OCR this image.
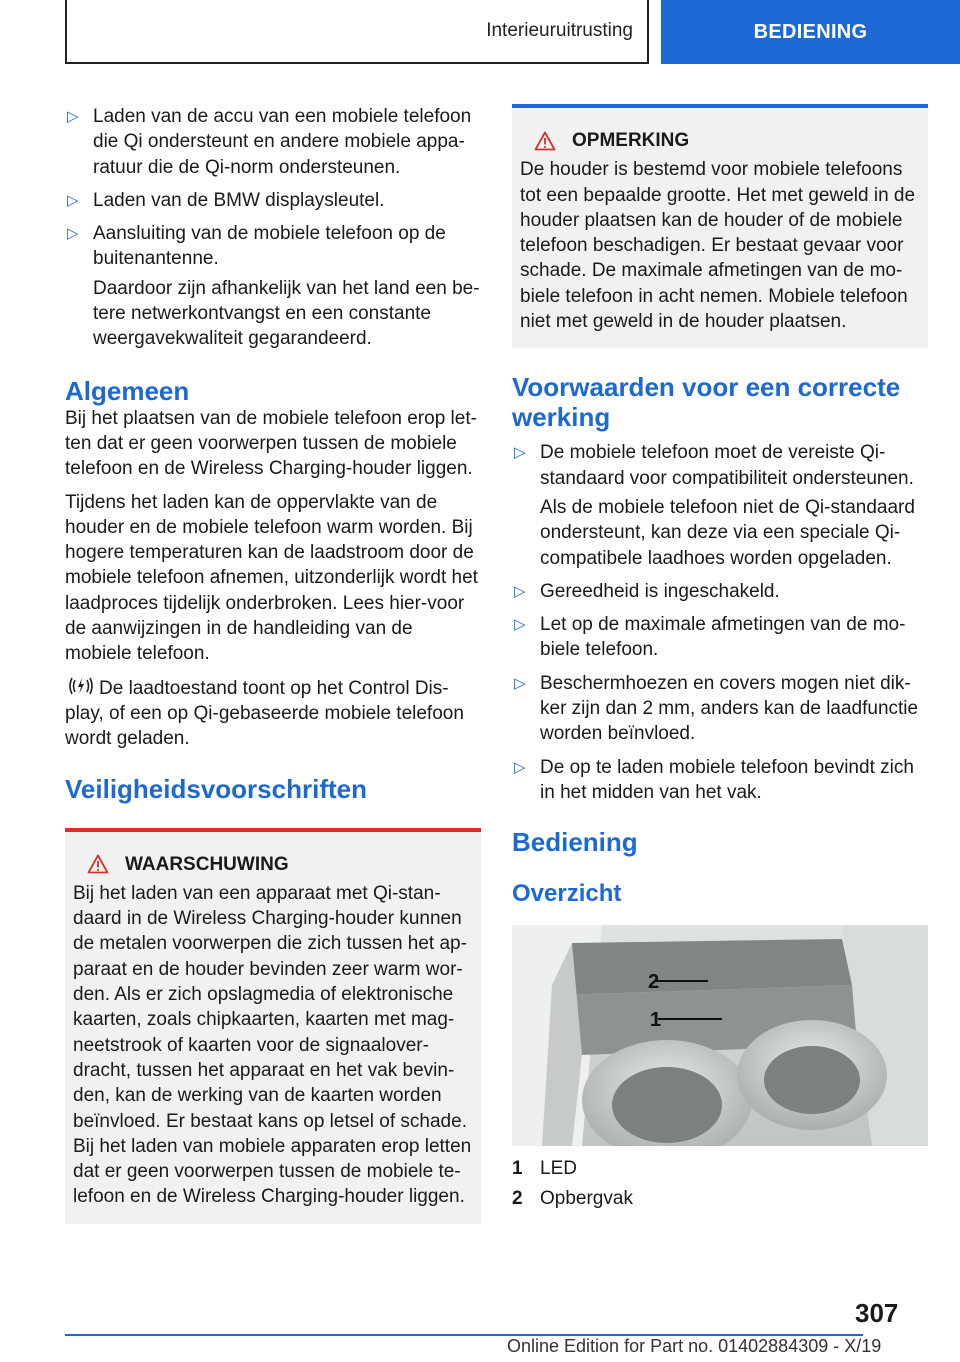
Interieuruitrusting	BEDIENING
▷ Laden van de accu van een mobiele telefoon die Qi ondersteunt en andere mobiele appa‐ratuur die de Qi-norm ondersteunen.
▷ Laden van de BMW displaysleutel.
▷ Aansluiting van de mobiele telefoon op de buitenantenne.
Daardoor zijn afhankelijk van het land een be‐tere netwerkontvangst en een constante weergavekwaliteit gegarandeerd.
Algemeen

Bij het plaatsen van de mobiele telefoon erop let‐ten dat er geen voorwerpen tussen de mobiele telefoon en de Wireless Charging-houder liggen.

Tijdens het laden kan de oppervlakte van de houder en de mobiele telefoon warm worden. Bij hogere temperaturen kan de laadstroom door de mobiele telefoon afnemen, uitzonderlijk wordt het laadproces tijdelijk onderbroken. Lees hier‐voor de aanwijzingen in de handleiding van de mobiele telefoon.

De laadtoestand toont op het Control Dis‐play, of een op Qi-gebaseerde mobiele telefoon wordt geladen.

Veiligheidsvoorschriften
WAARSCHUWING
Bij het laden van een apparaat met Qi-stan‐daard in de Wireless Charging-houder kunnen de metalen voorwerpen die zich tussen het ap‐paraat en de houder bevinden zeer warm wor‐den. Als er zich opslagmedia of elektronische kaarten, zoals chipkaarten, kaarten met mag‐neetstrook of kaarten voor de signaalover‐dracht, tussen het apparaat en het vak bevin‐den, kan de werking van de kaarten worden beïnvloed. Er bestaat kans op letsel of schade. Bij het laden van mobiele apparaten erop letten dat er geen voorwerpen tussen de mobiele te‐lefoon en de Wireless Charging-houder liggen.
OPMERKING
De houder is bestemd voor mobiele telefoons tot een bepaalde grootte. Het met geweld in de houder plaatsen kan de houder of de mobiele telefoon beschadigen. Er bestaat gevaar voor schade. De maximale afmetingen van de mo‐biele telefoon in acht nemen. Mobiele telefoon niet met geweld in de houder plaatsen.
Voorwaarden voor een correcte werking
▷ De mobiele telefoon moet de vereiste Qi-standaard voor compatibiliteit ondersteunen.
Als de mobiele telefoon niet de Qi-standaard ondersteunt, kan deze via een speciale Qi-compatibele laadhoes worden opgeladen.
▷ Gereedheid is ingeschakeld.
▷ Let op de maximale afmetingen van de mo‐biele telefoon.
▷ Beschermhoezen en covers mogen niet dik‐ker zijn dan 2 mm, anders kan de laadfunctie worden beïnvloed.
▷ De op te laden mobiele telefoon bevindt zich in het midden van het vak.
Bediening
Overzicht
2
1
1 LED
2 Opbergvak
307
Online Edition for Part no. 01402884309 - X/19
